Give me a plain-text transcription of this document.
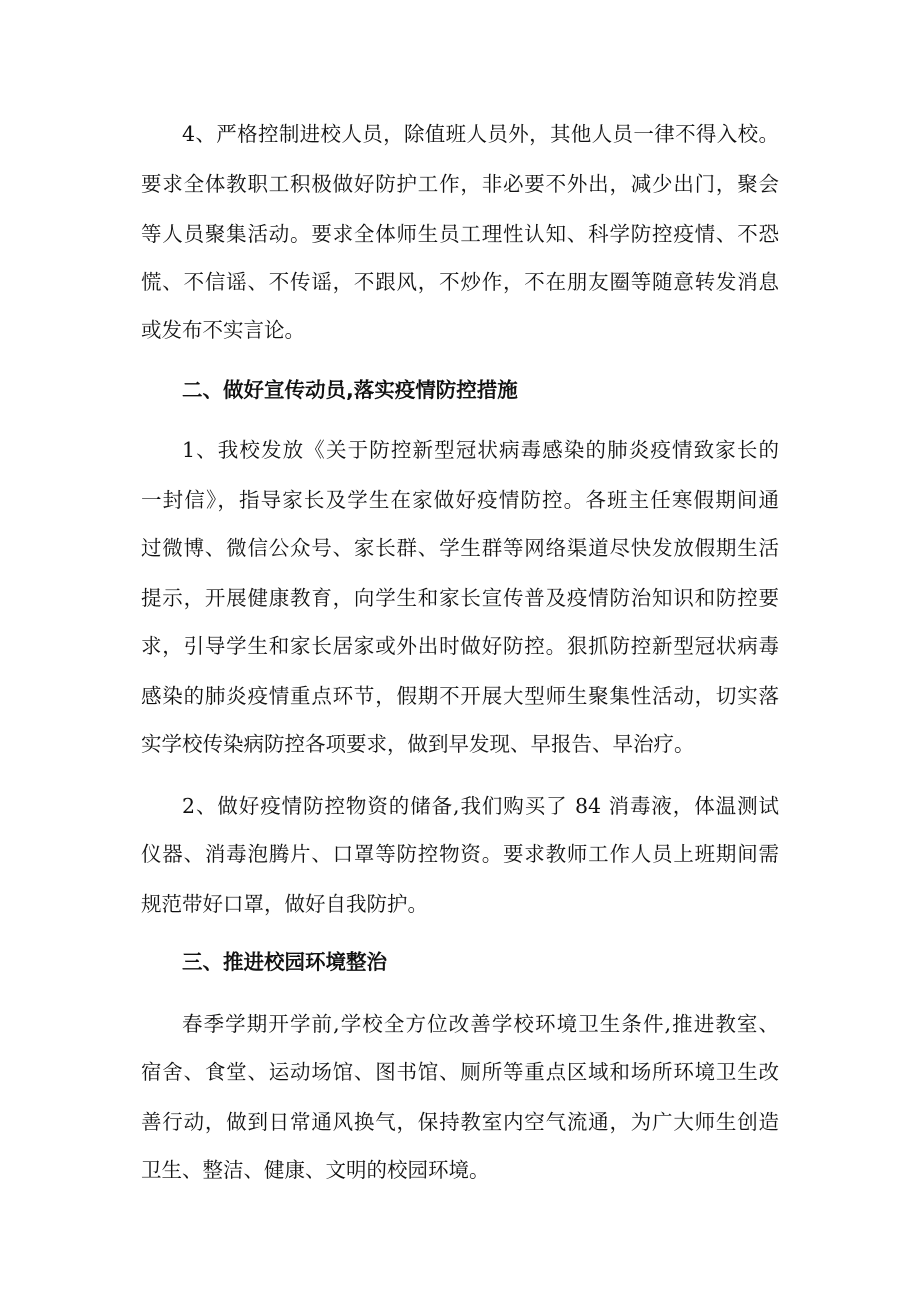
4、严格控制进校人员，除值班人员外，其他人员一律不得入校。
要求全体教职工积极做好防护工作，非必要不外出，减少出门，聚会
等人员聚集活动。要求全体师生员工理性认知、科学防控疫情、不恐
慌、不信谣、不传谣，不跟风，不炒作，不在朋友圈等随意转发消息
或发布不实言论。
二、做好宣传动员,落实疫情防控措施
1、我校发放《关于防控新型冠状病毒感染的肺炎疫情致家长的
一封信》，指导家长及学生在家做好疫情防控。各班主任寒假期间通
过微博、微信公众号、家长群、学生群等网络渠道尽快发放假期生活
提示，开展健康教育，向学生和家长宣传普及疫情防治知识和防控要
求，引导学生和家长居家或外出时做好防控。狠抓防控新型冠状病毒
感染的肺炎疫情重点环节，假期不开展大型师生聚集性活动，切实落
实学校传染病防控各项要求，做到早发现、早报告、早治疗。
2、做好疫情防控物资的储备,我们购买了 84 消毒液，体温测试
仪器、消毒泡腾片、口罩等防控物资。要求教师工作人员上班期间需
规范带好口罩，做好自我防护。
三、推进校园环境整治
春季学期开学前,学校全方位改善学校环境卫生条件,推进教室、
宿舍、食堂、运动场馆、图书馆、厕所等重点区域和场所环境卫生改
善行动，做到日常通风换气，保持教室内空气流通，为广大师生创造
卫生、整洁、健康、文明的校园环境。
